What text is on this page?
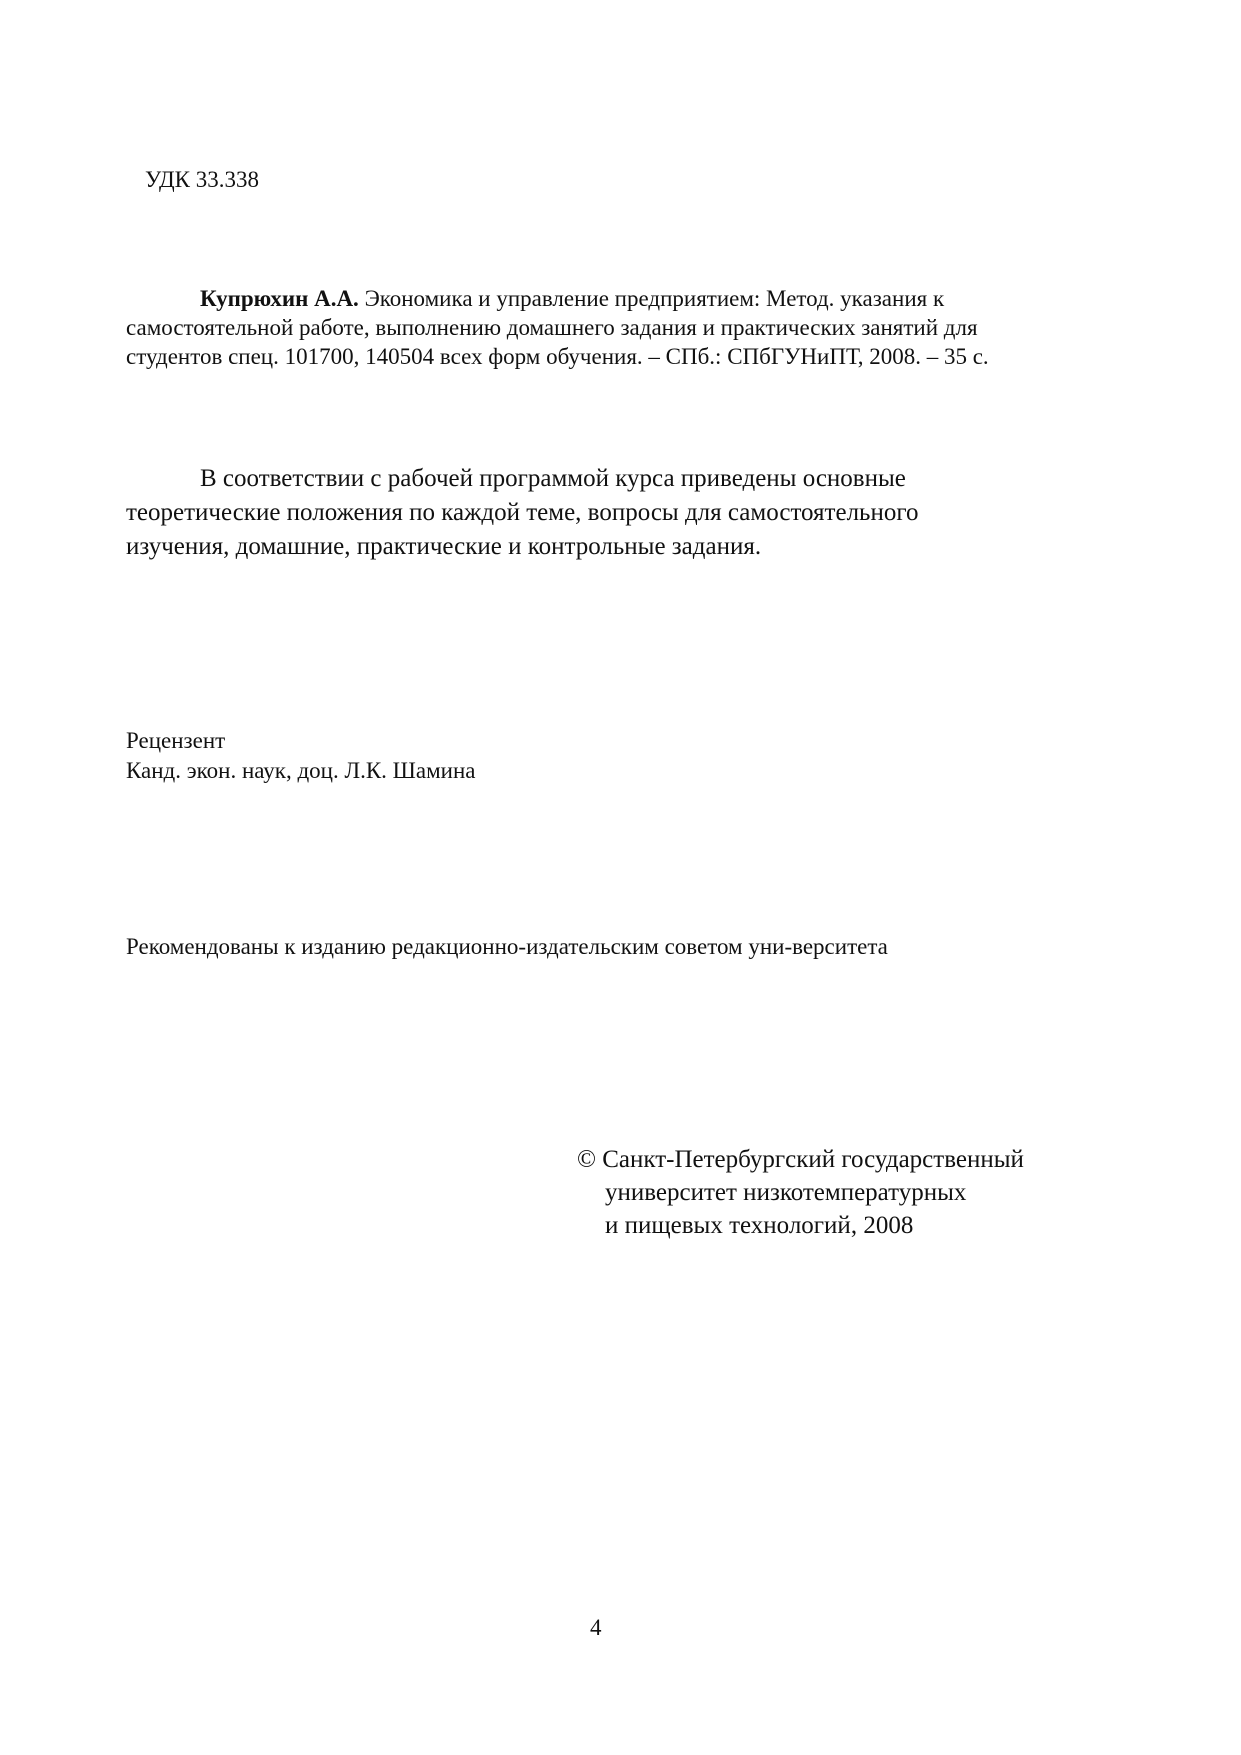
УДК 33.338
Купрюхин А.А. Экономика и управление предприятием: Метод. указания к
самостоятельной работе, выполнению домашнего задания и практических занятий для
студентов спец. 101700, 140504 всех форм обучения. – СПб.: СПбГУНиПТ, 2008. – 35 с.
В соответствии с рабочей программой курса приведены основные
теоретические положения по каждой теме, вопросы для самостоятельного
изучения, домашние, практические и контрольные задания.
Рецензент
Канд. экон. наук, доц. Л.К. Шамина
Рекомендованы к изданию редакционно-издательским советом уни-верситета
© Санкт-Петербургский государственный
университет низкотемпературных
и пищевых технологий, 2008
4
